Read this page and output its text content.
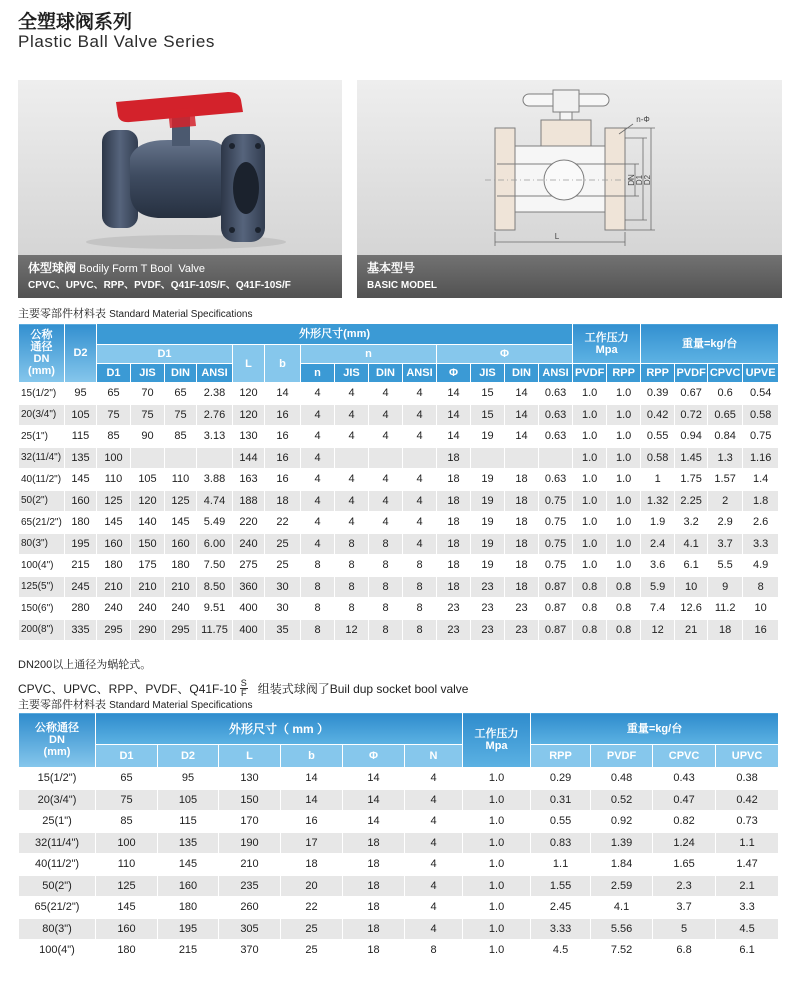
全塑球阀系列
Plastic Ball Valve Series
体型球阀 Bodily Form T Bool  Valve
CPVC、UPVC、RPP、PVDF、Q41F-10S/F、Q41F-10S/F
n-Φ
DN D1 D2
L
基本型号
BASIC MODEL
主要零部件材料表 Standard Material Specifications
公称
通径
DN
(mm)	D2	外形尺寸(mm)														工作压力
Mpa		重量=kg/台			
		D1				L	b	n				Φ									
		D1	JIS	DIN	ANSI			n	JIS	DIN	ANSI	Φ	JIS	DIN	ANSI	PVDF	RPP	RPP	PVDF	CPVC	UPVE
15(1/2")	95	65	70	65	2.38	120	14	4	4	4	4	14	15	14	0.63	1.0	1.0	0.39	0.67	0.6	0.54
20(3/4")	105	75	75	75	2.76	120	16	4	4	4	4	14	15	14	0.63	1.0	1.0	0.42	0.72	0.65	0.58
25(1")	115	85	90	85	3.13	130	16	4	4	4	4	14	19	14	0.63	1.0	1.0	0.55	0.94	0.84	0.75
32(11/4")	135	100				144	16	4				18				1.0	1.0	0.58	1.45	1.3	1.16
40(11/2")	145	110	105	110	3.88	163	16	4	4	4	4	18	19	18	0.63	1.0	1.0	1	1.75	1.57	1.4
50(2")	160	125	120	125	4.74	188	18	4	4	4	4	18	19	18	0.75	1.0	1.0	1.32	2.25	2	1.8
65(21/2")	180	145	140	145	5.49	220	22	4	4	4	4	18	19	18	0.75	1.0	1.0	1.9	3.2	2.9	2.6
80(3")	195	160	150	160	6.00	240	25	4	8	8	4	18	19	18	0.75	1.0	1.0	2.4	4.1	3.7	3.3
100(4")	215	180	175	180	7.50	275	25	8	8	8	8	18	19	18	0.75	1.0	1.0	3.6	6.1	5.5	4.9
125(5")	245	210	210	210	8.50	360	30	8	8	8	8	18	23	18	0.87	0.8	0.8	5.9	10	9	8
150(6")	280	240	240	240	9.51	400	30	8	8	8	8	23	23	23	0.87	0.8	0.8	7.4	12.6	11.2	10
200(8")	335	295	290	295	11.75	400	35	8	12	8	8	23	23	23	0.87	0.8	0.8	12	21	18	16
DN200以上通径为蜗轮式。
CPVC、UPVC、RPP、PVDF、$Q41F-10 \frac{S}{F}$ 组装式球阀了Buil dup socket bool valve
主要零部件材料表 Standard Material Specifications
公称通径
DN
(mm)	外形尺寸（ mm ）						工作压力
Mpa	重量=kg/台			
	D1	D2	L	b	Φ	N		RPP	PVDF	CPVC	UPVC
15(1/2")	65	95	130	14	14	4	1.0	0.29	0.48	0.43	0.38
20(3/4")	75	105	150	14	14	4	1.0	0.31	0.52	0.47	0.42
25(1")	85	115	170	16	14	4	1.0	0.55	0.92	0.82	0.73
32(11/4")	100	135	190	17	18	4	1.0	0.83	1.39	1.24	1.1
40(11/2")	110	145	210	18	18	4	1.0	1.1	1.84	1.65	1.47
50(2")	125	160	235	20	18	4	1.0	1.55	2.59	2.3	2.1
65(21/2")	145	180	260	22	18	4	1.0	2.45	4.1	3.7	3.3
80(3")	160	195	305	25	18	4	1.0	3.33	5.56	5	4.5
100(4")	180	215	370	25	18	8	1.0	4.5	7.52	6.8	6.1
